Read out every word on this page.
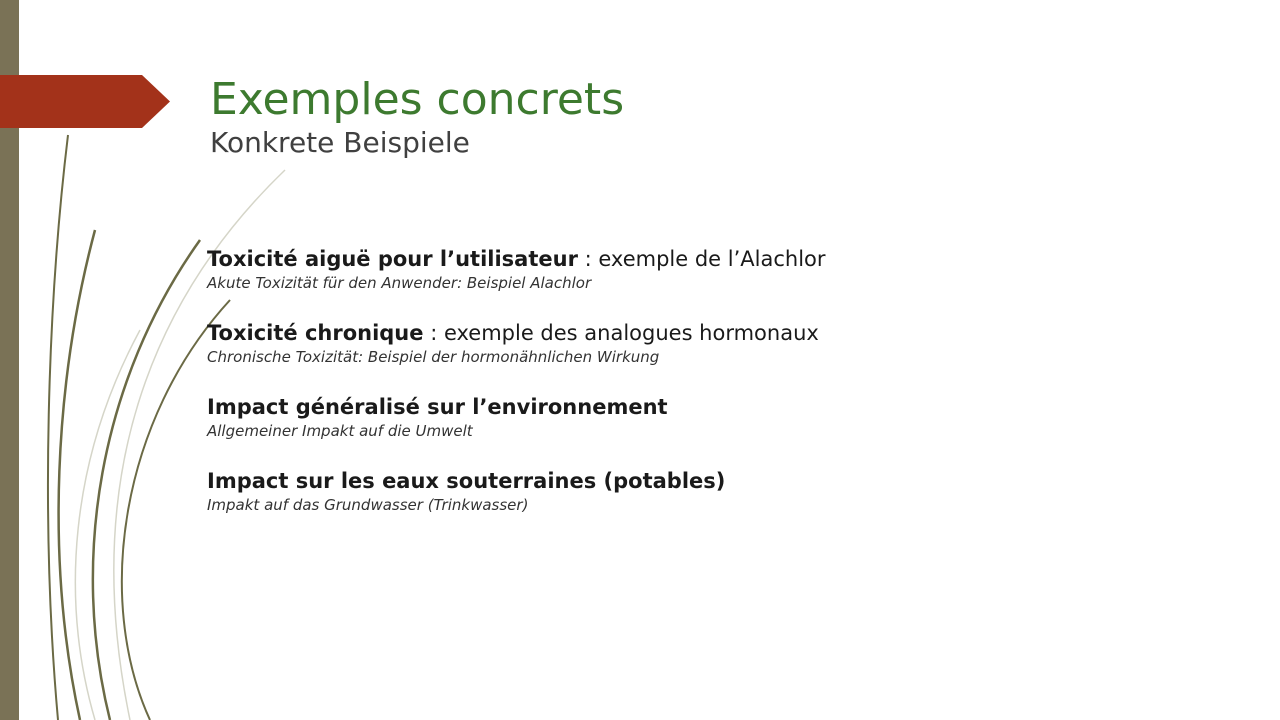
Exemples concrets
Konkrete Beispiele
Toxicité aiguë pour l’utilisateur : exemple de l’Alachlor
Akute Toxizität für den Anwender: Beispiel Alachlor
Toxicité chronique : exemple des analogues hormonaux
Chronische Toxizität: Beispiel der hormonähnlichen Wirkung
Impact généralisé sur l’environnement
Allgemeiner Impakt auf die Umwelt
Impact sur les eaux souterraines (potables)
Impakt auf das Grundwasser (Trinkwasser)
